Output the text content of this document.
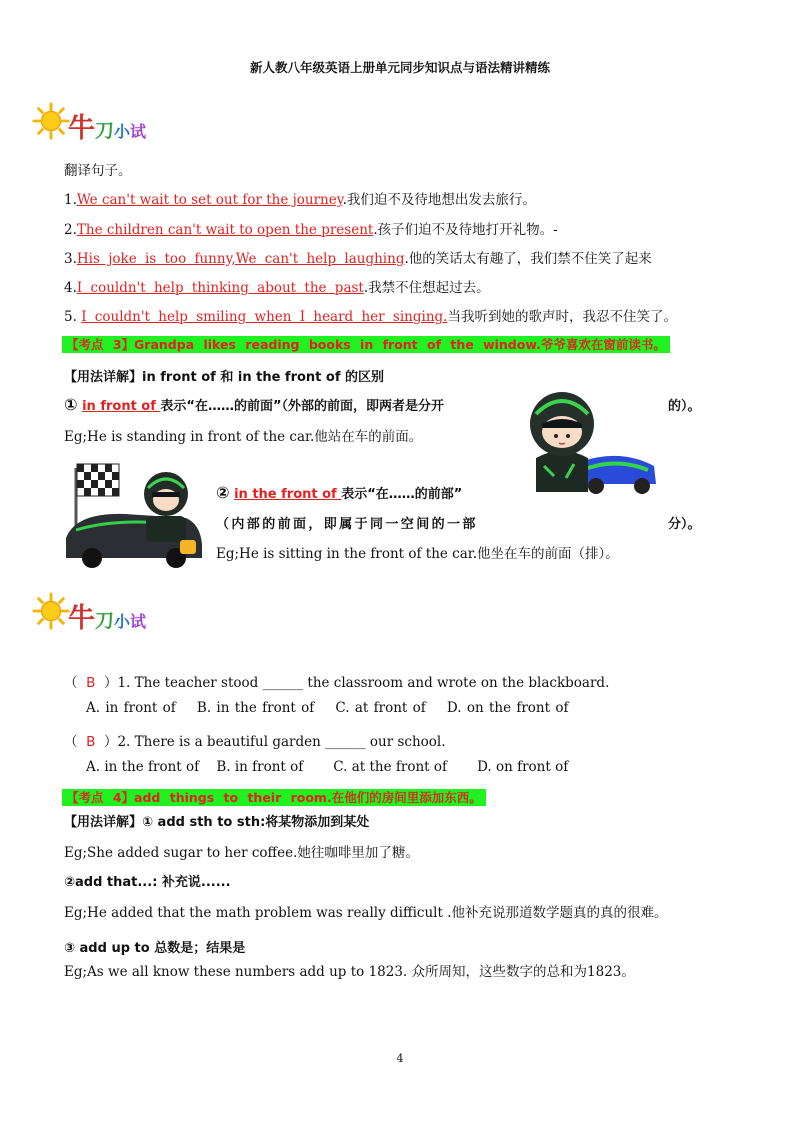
新人教八年级英语上册单元同步知识点与语法精讲精练
牛刀小试
翻译句子。
1.We can't wait to set out for the journey.我们迫不及待地想出发去旅行。
2.The children can't wait to open the present.孩子们迫不及待地打开礼物。-
3.His joke is too funny,We can't help laughing.他的笑话太有趣了，我们禁不住笑了起来
4.I couldn't help thinking about the past.我禁不住想起过去。
5. I couldn't help smiling when I heard her singing.当我听到她的歌声时，我忍不住笑了。
【考点 3】Grandpa likes reading books in front of the window.爷爷喜欢在窗前读书。
【用法详解】in front of 和 in the front of 的区别
① in front of 表示“在……的前面”（外部的前面，即两者是分开	的）。
Eg;He is standing in front of the car.他站在车的前面。
② in the front of 表示“在……的前部”
（内部的前面，即属于同一空间的一部	分）。
Eg;He is sitting in the front of the car.他坐在车的前面（排）。
牛刀小试
（ B ）1. The teacher stood ______ the classroom and wrote on the blackboard.
A. in front of B. in the front of C. at front of D. on the front of
（ B ）2. There is a beautiful garden ______ our school.
A. in the front of B. in front of C. at the front of D. on front of
【考点 4】add things to their room.在他们的房间里添加东西。
【用法详解】① add sth to sth:将某物添加到某处
Eg;She added sugar to her coffee.她往咖啡里加了糖。
②add that...: 补充说......
Eg;He added that the math problem was really difficult .他补充说那道数学题真的真的很难。
③ add up to 总数是；结果是
Eg;As we all know these numbers add up to 1823. 众所周知，这些数字的总和为1823。
4
